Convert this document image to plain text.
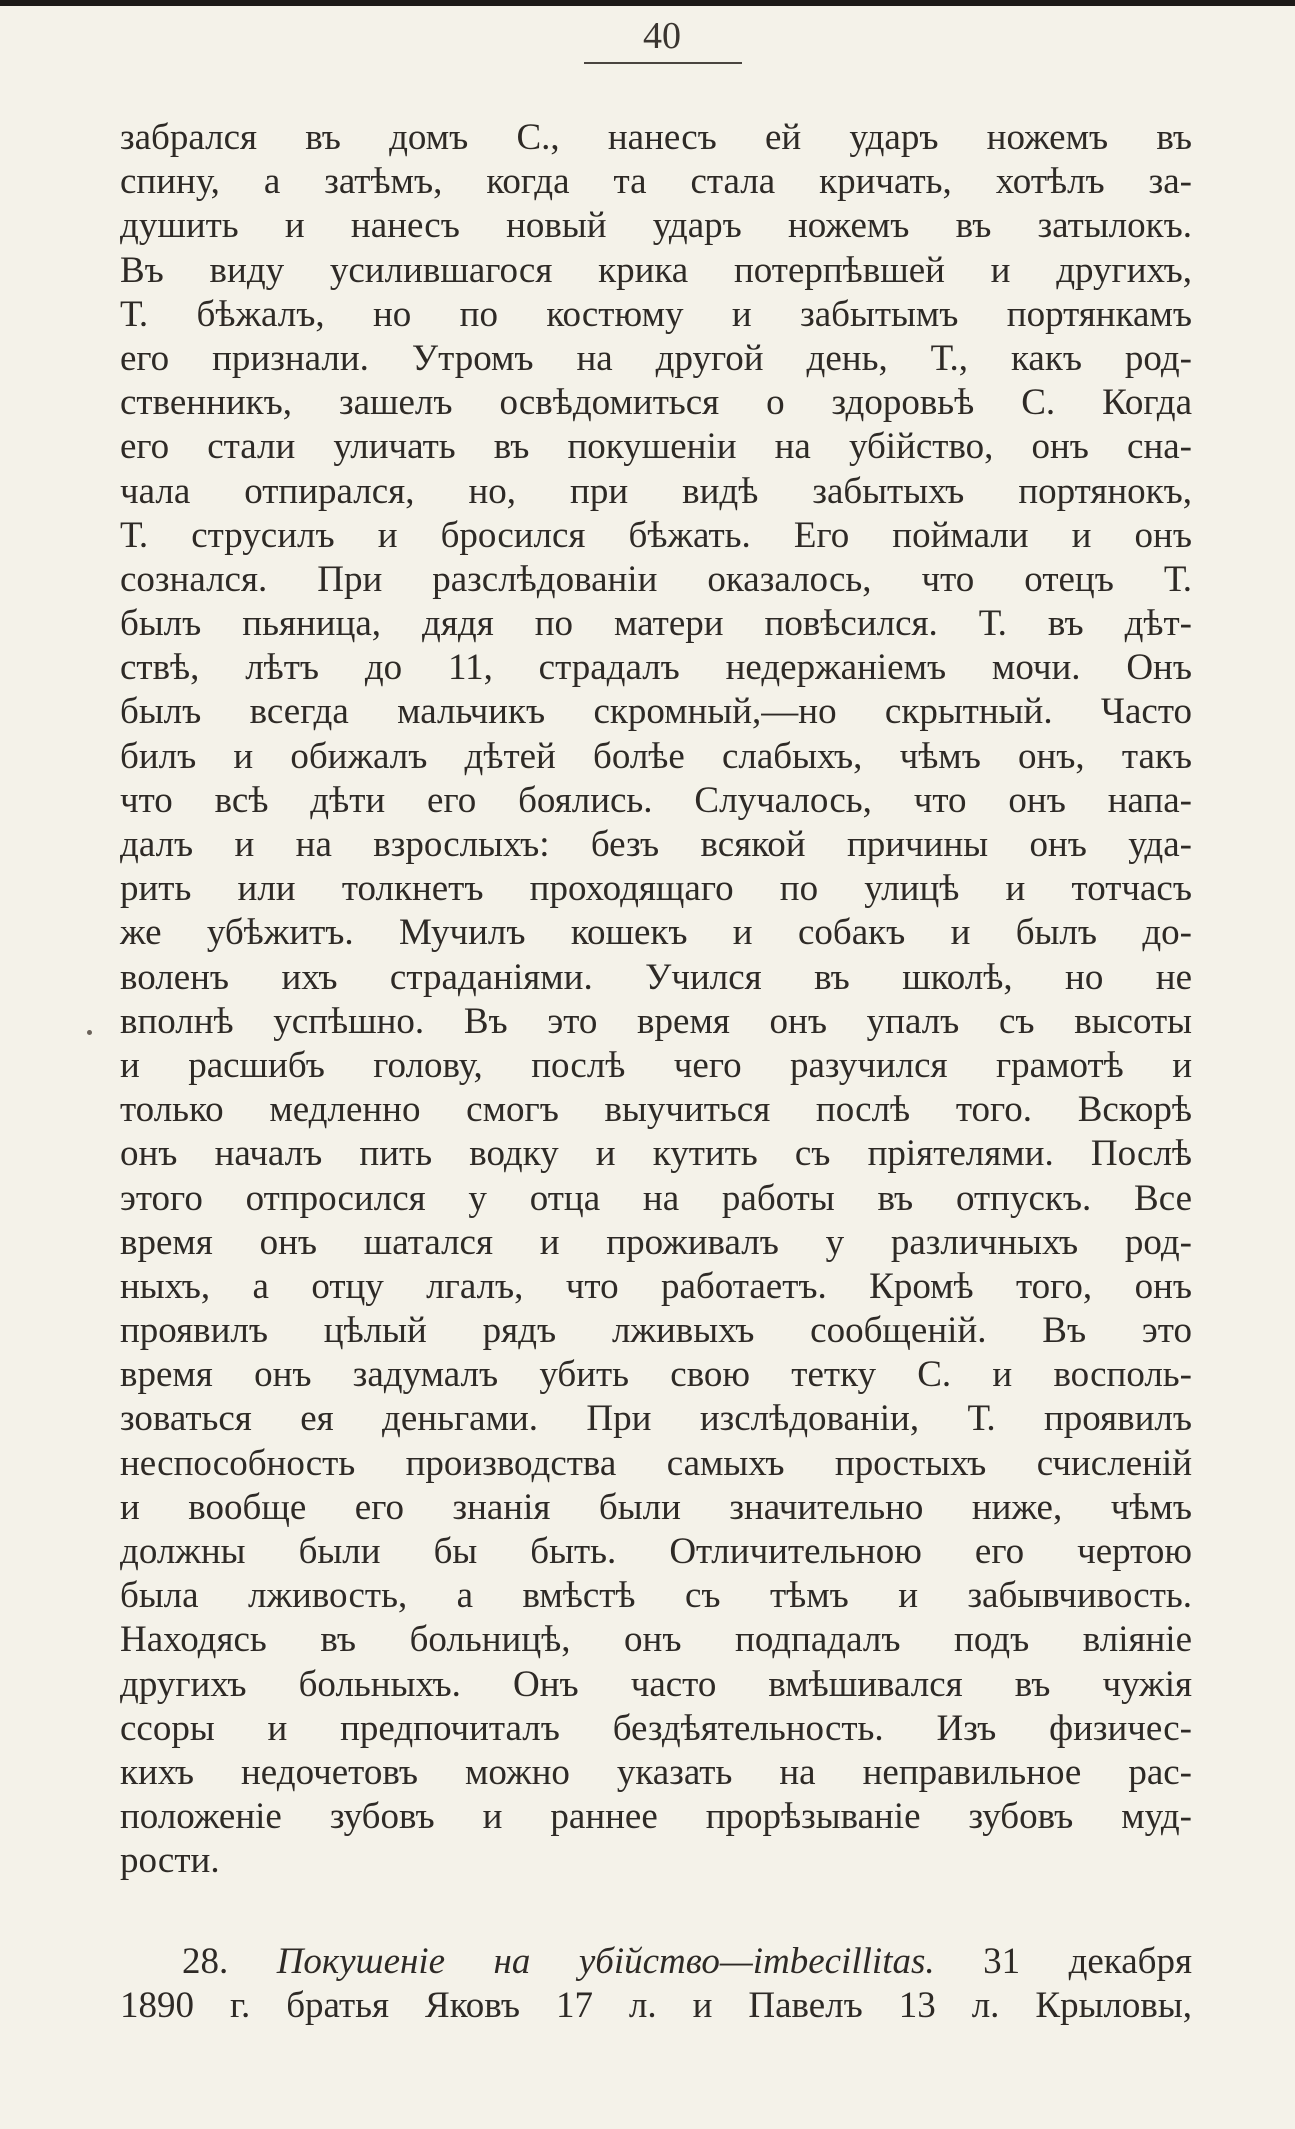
40
забрался въ домъ С., нанесъ ей ударъ ножемъ въ
спину, а затѣмъ, когда та стала кричать, хотѣлъ за-
душить и нанесъ новый ударъ ножемъ въ затылокъ.
Въ виду усилившагося крика потерпѣвшей и другихъ,
Т. бѣжалъ, но по костюму и забытымъ портянкамъ
его признали. Утромъ на другой день, Т., какъ род-
ственникъ, зашелъ освѣдомиться о здоровьѣ С. Когда
его стали уличать въ покушеніи на убійство, онъ сна-
чала отпирался, но, при видѣ забытыхъ портянокъ,
Т. струсилъ и бросился бѣжать. Его поймали и онъ
сознался. При разслѣдованіи оказалось, что отецъ Т.
былъ пьяница, дядя по матери повѣсился. Т. въ дѣт-
ствѣ, лѣтъ до 11, страдалъ недержаніемъ мочи. Онъ
былъ всегда мальчикъ скромный,—но скрытный. Часто
билъ и обижалъ дѣтей болѣе слабыхъ, чѣмъ онъ, такъ
что всѣ дѣти его боялись. Случалось, что онъ напа-
далъ и на взрослыхъ: безъ всякой причины онъ уда-
рить или толкнетъ проходящаго по улицѣ и тотчасъ
же убѣжитъ. Мучилъ кошекъ и собакъ и былъ до-
воленъ ихъ страданіями. Учился въ школѣ, но не
вполнѣ успѣшно. Въ это время онъ упалъ съ высоты
и расшибъ голову, послѣ чего разучился грамотѣ и
только медленно смогъ выучиться послѣ того. Вскорѣ
онъ началъ пить водку и кутить съ пріятелями. Послѣ
этого отпросился у отца на работы въ отпускъ. Все
время онъ шатался и проживалъ у различныхъ род-
ныхъ, а отцу лгалъ, что работаетъ. Кромѣ того, онъ
проявилъ цѣлый рядъ лживыхъ сообщеній. Въ это
время онъ задумалъ убить свою тетку С. и восполь-
зоваться ея деньгами. При изслѣдованіи, Т. проявилъ
неспособность производства самыхъ простыхъ счисленій
и вообще его знанія были значительно ниже, чѣмъ
должны были бы быть. Отличительною его чертою
была лживость, а вмѣстѣ съ тѣмъ и забывчивость.
Находясь въ больницѣ, онъ подпадалъ подъ вліяніе
другихъ больныхъ. Онъ часто вмѣшивался въ чужія
ссоры и предпочиталъ бездѣятельность. Изъ физичес-
кихъ недочетовъ можно указать на неправильное рас-
положеніе зубовъ и раннее прорѣзываніе зубовъ муд-
рости.
28. Покушеніе на убійство—imbecillitas. 31 декабря
1890 г. братья Яковъ 17 л. и Павелъ 13 л. Крыловы,
